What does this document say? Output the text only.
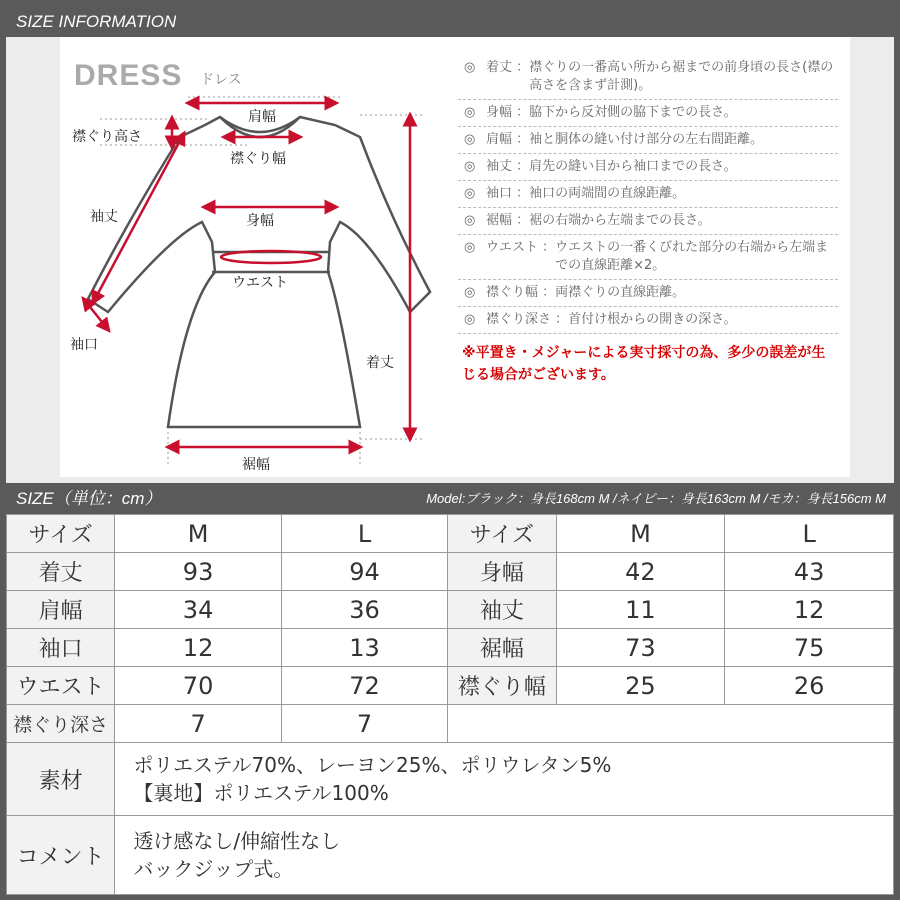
SIZE INFORMATION
DRESS ドレス
肩幅
襟ぐり幅
襟ぐり高さ
袖丈	身幅
ウエスト
袖口
着丈
裾幅
◎ 着丈 ： 襟ぐりの一番高い所から裾までの前身頃の長さ(襟の高さを含まず計測)。
◎ 身幅 ： 脇下から反対側の脇下までの長さ。
◎ 肩幅 ： 袖と胴体の縫い付け部分の左右間距離。
◎ 袖丈 ： 肩先の縫い目から袖口までの長さ。
◎ 袖口 ： 袖口の両端間の直線距離。
◎ 裾幅 ： 裾の右端から左端までの長さ。
◎ ウエスト ： ウエストの一番くびれた部分の右端から左端までの直線距離×2。
◎ 襟ぐり幅 ： 両襟ぐりの直線距離。
◎ 襟ぐり深さ ： 首付け根からの開きの深さ。
※平置き・メジャーによる実寸採寸の為、多少の誤差が生じる場合がございます。
SIZE（単位：cm）	Model:ブラック：身長168cm M /ネイビー：身長163cm M /モカ：身長156cm M
サイズ	M	L	サイズ	M	L
着丈	93	94	身幅	42	43
肩幅	34	36	袖丈	11	12
袖口	12	13	裾幅	73	75
ウエスト	70	72	襟ぐり幅	25	26
襟ぐり深さ	7	7			
素材	ポリエステル70%、レーヨン25%、ポリウレタン5%
【裏地】ポリエステル100%				

コメント	透け感なし/伸縮性なし
バックジップ式。				
